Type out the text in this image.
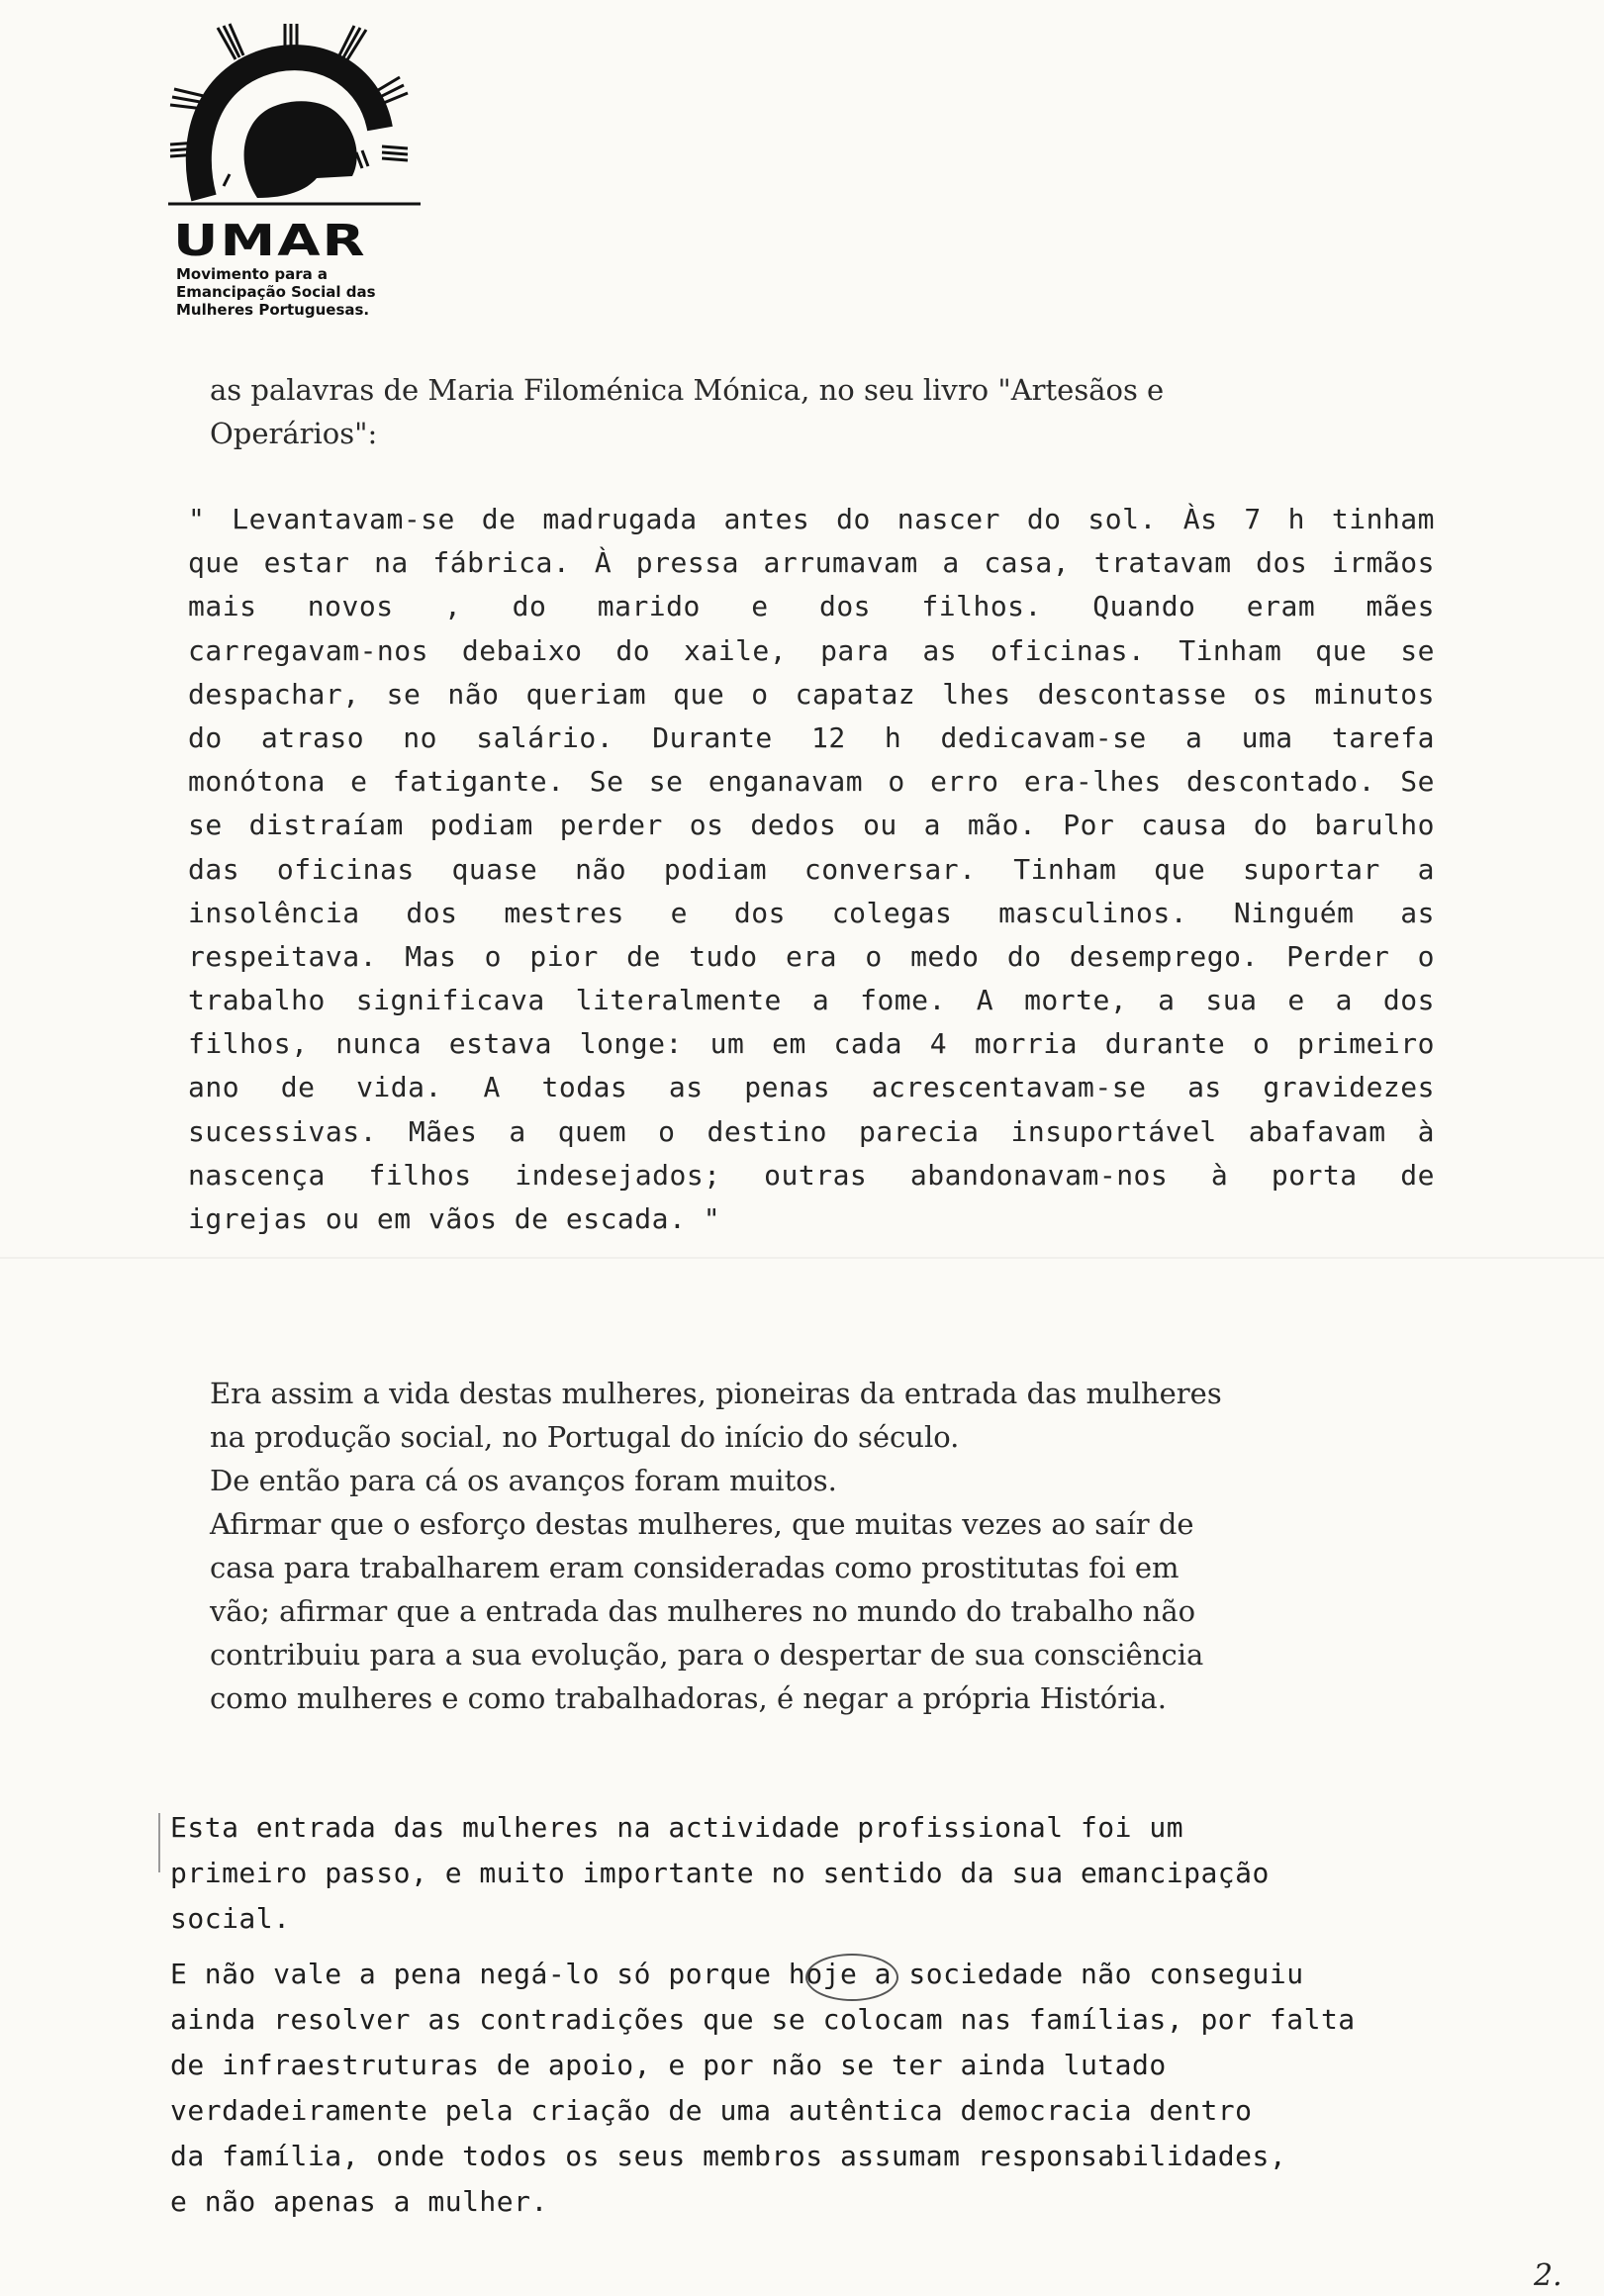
UMAR
Movimento para a
Emancipação Social das
Mulheres Portuguesas.
as palavras de Maria Filoménica Mónica, no seu livro "Artesãos e
Operários":
" Levantavam-se de madrugada antes do nascer do sol. Às 7 h tinham
que estar na fábrica. À pressa arrumavam a casa, tratavam dos irmãos
mais novos , do marido e dos filhos. Quando eram mães
carregavam-nos debaixo do xaile, para as oficinas. Tinham que se
despachar, se não queriam que o capataz lhes descontasse os minutos
do atraso no salário. Durante 12 h dedicavam-se a uma tarefa
monótona e fatigante. Se se enganavam o erro era-lhes descontado. Se
se distraíam podiam perder os dedos ou a mão. Por causa do barulho
das oficinas quase não podiam conversar. Tinham que suportar a
insolência dos mestres e dos colegas masculinos. Ninguém as
respeitava. Mas o pior de tudo era o medo do desemprego. Perder o
trabalho significava literalmente a fome. A morte, a sua e a dos
filhos, nunca estava longe: um em cada 4 morria durante o primeiro
ano de vida. A todas as penas acrescentavam-se as gravidezes
sucessivas. Mães a quem o destino parecia insuportável abafavam à
nascença filhos indesejados; outras abandonavam-nos à porta de
igrejas ou em vãos de escada. "
Era assim a vida destas mulheres, pioneiras da entrada das mulheres
na produção social, no Portugal do início do século.
De então para cá os avanços foram muitos.
Afirmar que o esforço destas mulheres, que muitas vezes ao saír de
casa para trabalharem eram consideradas como prostitutas foi em
vão; afirmar que a entrada das mulheres no mundo do trabalho não
contribuiu para a sua evolução, para o despertar de sua consciência
como mulheres e como trabalhadoras, é negar a própria História.
Esta entrada das mulheres na actividade profissional foi um
primeiro passo, e muito importante no sentido da sua emancipação
social.
E não vale a pena negá-lo só porque hoje a sociedade não conseguiu
ainda resolver as contradições que se colocam nas famílias, por falta
de infraestruturas de apoio, e por não se ter ainda lutado
verdadeiramente pela criação de uma autêntica democracia dentro
da família, onde todos os seus membros assumam responsabilidades,
e não apenas a mulher.
2.
